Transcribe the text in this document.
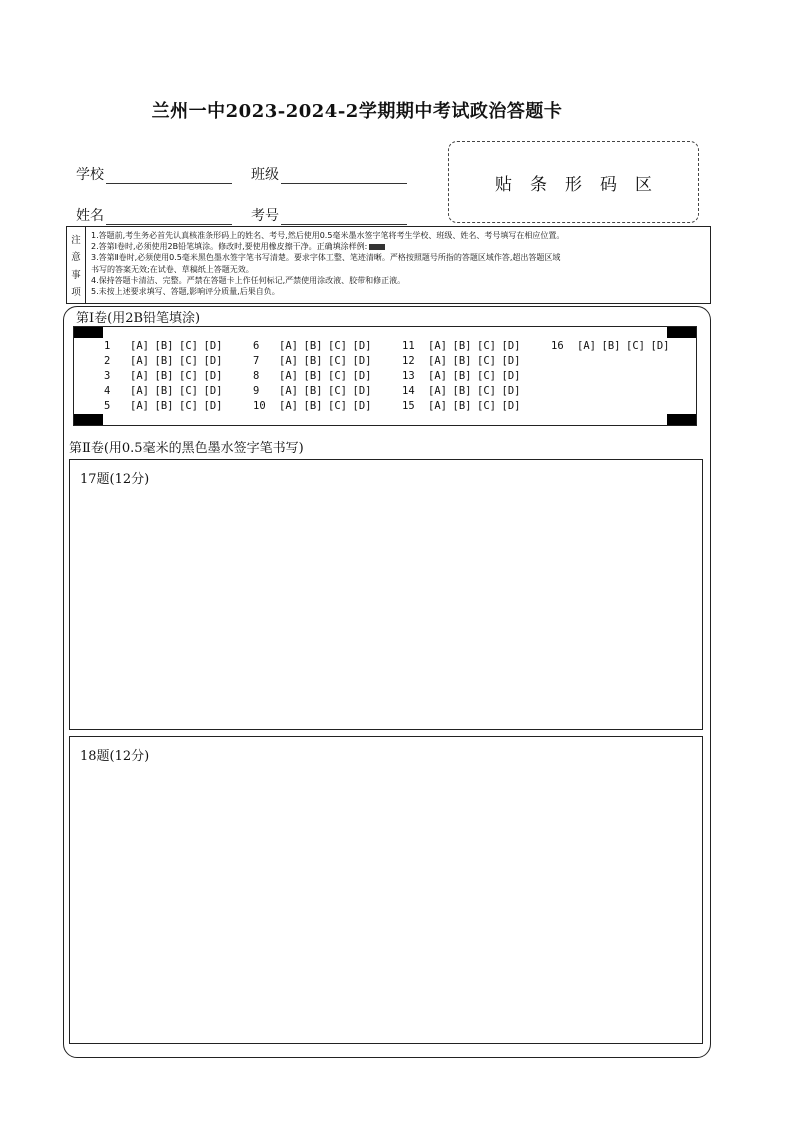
兰州一中2023-2024-2学期期中考试政治答题卡
学校	班级
姓名	考号
贴条形码区
注
意
事
项
1.答题前,考生务必首先认真核准条形码上的姓名、考号,然后使用0.5毫米墨水签字笔将考生学校、班级、姓名、考号填写在相应位置。
2.答第Ⅰ卷时,必须使用2B铅笔填涂。修改时,要使用橡皮擦干净。正确填涂样例:
3.答第Ⅱ卷时,必须使用0.5毫米黑色墨水签字笔书写清楚。要求字体工整、笔迹清晰。严格按照题号所指的答题区域作答,超出答题区域
书写的答案无效;在试卷、草稿纸上答题无效。
4.保持答题卡清洁、完整。严禁在答题卡上作任何标记,严禁使用涂改液、胶带和修正液。
5.未按上述要求填写、答题,影响评分质量,后果自负。
第Ⅰ卷(用2B铅笔填涂)
1	[A] [B] [C] [D]
2	[A] [B] [C] [D]
3	[A] [B] [C] [D]
4	[A] [B] [C] [D]
5	[A] [B] [C] [D]
6	[A] [B] [C] [D]
7	[A] [B] [C] [D]
8	[A] [B] [C] [D]
9	[A] [B] [C] [D]
10	[A] [B] [C] [D]
11	[A] [B] [C] [D]
12	[A] [B] [C] [D]
13	[A] [B] [C] [D]
14	[A] [B] [C] [D]
15	[A] [B] [C] [D]
16	[A] [B] [C] [D]
第Ⅱ卷(用0.5毫米的黑色墨水签字笔书写)
17题(12分)
18题(12分)
